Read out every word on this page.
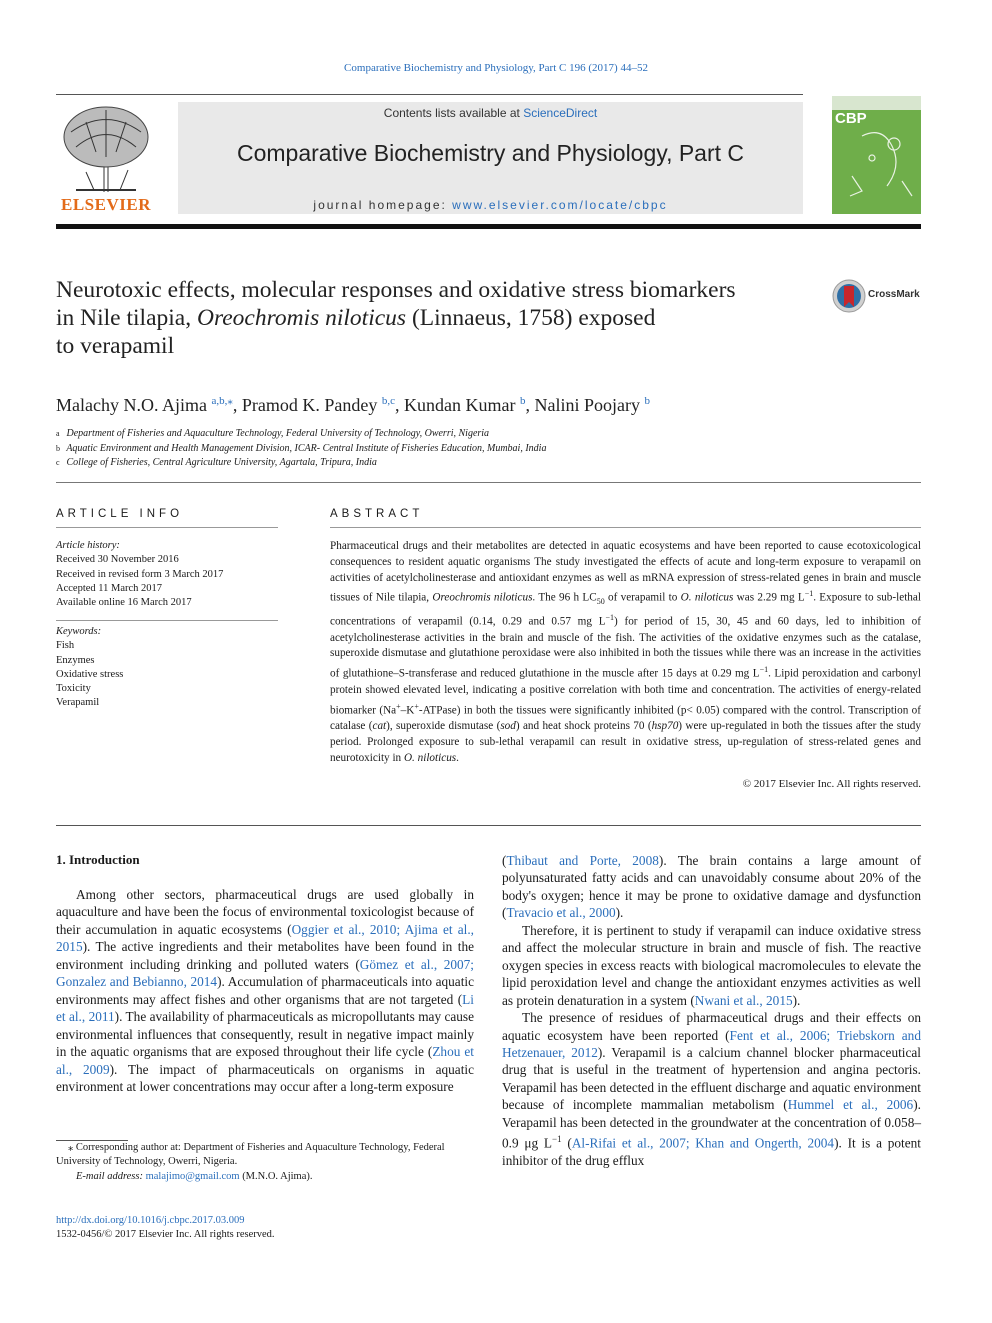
Comparative Biochemistry and Physiology, Part C 196 (2017) 44–52
ELSEVIER
Contents lists available at ScienceDirect
Comparative Biochemistry and Physiology, Part C
journal homepage: www.elsevier.com/locate/cbpc
CBP
Neurotoxic effects, molecular responses and oxidative stress biomarkers
in Nile tilapia, Oreochromis niloticus (Linnaeus, 1758) exposed
to verapamil
CrossMark
Malachy N.O. Ajima $^{a,b,⁎}$, Pramod K. Pandey $^{b,c}$, Kundan Kumar $^b$, Nalini Poojary $^b$
a Department of Fisheries and Aquaculture Technology, Federal University of Technology, Owerri, Nigeria
b Aquatic Environment and Health Management Division, ICAR- Central Institute of Fisheries Education, Mumbai, India
c College of Fisheries, Central Agriculture University, Agartala, Tripura, India
ARTICLE INFO	ABSTRACT
Article history:
Received 30 November 2016
Received in revised form 3 March 2017
Accepted 11 March 2017
Available online 16 March 2017
Keywords:
Fish
Enzymes
Oxidative stress
Toxicity
Verapamil
Pharmaceutical drugs and their metabolites are detected in aquatic ecosystems and have been reported to cause ecotoxicological consequences to resident aquatic organisms The study investigated the effects of acute and long-term exposure to verapamil on activities of acetylcholinesterase and antioxidant enzymes as well as mRNA expression of stress-related genes in brain and muscle tissues of Nile tilapia, Oreochromis niloticus. The 96 h $LC_{50}$ of verapamil to O. niloticus was 2.29 mg $L^{-1}$. Exposure to sub-lethal concentrations of verapamil (0.14, 0.29 and 0.57 mg $L^{-1}$) for period of 15, 30, 45 and 60 days, led to inhibition of acetylcholinesterase activities in the brain and muscle of the fish. The activities of the oxidative enzymes such as the catalase, superoxide dismutase and glutathione peroxidase were also inhibited in both the tissues while there was an increase in the activities of glutathione–S-transferase and reduced glutathione in the muscle after 15 days at 0.29 mg $L^{-1}$. Lipid peroxidation and carbonyl protein showed elevated level, indicating a positive correlation with both time and concentration. The activities of energy-related biomarker (Na+–K+-ATPase) in both the tissues were significantly inhibited (p< 0.05) compared with the control. Transcription of catalase (cat), superoxide dismutase (sod) and heat shock proteins 70 (hsp70) were up-regulated in both the tissues after the study period. Prolonged exposure to sub-lethal verapamil can result in oxidative stress, up-regulation of stress-related genes and neurotoxicity in O. niloticus.
© 2017 Elsevier Inc. All rights reserved.
1. Introduction

Among other sectors, pharmaceutical drugs are used globally in aquaculture and have been the focus of environmental toxicologist because of their accumulation in aquatic ecosystems (Oggier et al., 2010; Ajima et al., 2015). The active ingredients and their metabolites have been found in the environment including drinking and polluted waters (Gömez et al., 2007; Gonzalez and Bebianno, 2014). Accumulation of pharmaceuticals into aquatic environments may affect fishes and other organisms that are not targeted (Li et al., 2011). The availability of pharmaceuticals as micropollutants may cause environmental influences that consequently, result in negative impact mainly in the aquatic organisms that are exposed throughout their life cycle (Zhou et al., 2009). The impact of pharmaceuticals on organisms in aquatic environment at lower concentrations may occur after a long-term exposure

(Thibaut and Porte, 2008). The brain contains a large amount of polyunsaturated fatty acids and can unavoidably consume about 20% of the body's oxygen; hence it may be prone to oxidative damage and dysfunction (Travacio et al., 2000).

Therefore, it is pertinent to study if verapamil can induce oxidative stress and affect the molecular structure in brain and muscle of fish. The reactive oxygen species in excess reacts with biological macromolecules to elevate the lipid peroxidation level and change the antioxidant enzymes activities as well as protein denaturation in a system (Nwani et al., 2015).

The presence of residues of pharmaceutical drugs and their effects on aquatic ecosystem have been reported (Fent et al., 2006; Triebskorn and Hetzenauer, 2012). Verapamil is a calcium channel blocker pharmaceutical drug that is useful in the treatment of hypertension and angina pectoris. Verapamil has been detected in the effluent discharge and aquatic environment because of incomplete mammalian metabolism (Hummel et al., 2006). Verapamil has been detected in the groundwater at the concentration of 0.058–0.9 μg $L^{-1}$ (Al-Rifai et al., 2007; Khan and Ongerth, 2004). It is a potent inhibitor of the drug efflux

⁎ Corresponding author at: Department of Fisheries and Aquaculture Technology, Federal University of Technology, Owerri, Nigeria.
E-mail address: malajimo@gmail.com (M.N.O. Ajima).
http://dx.doi.org/10.1016/j.cbpc.2017.03.009
1532-0456/© 2017 Elsevier Inc. All rights reserved.
